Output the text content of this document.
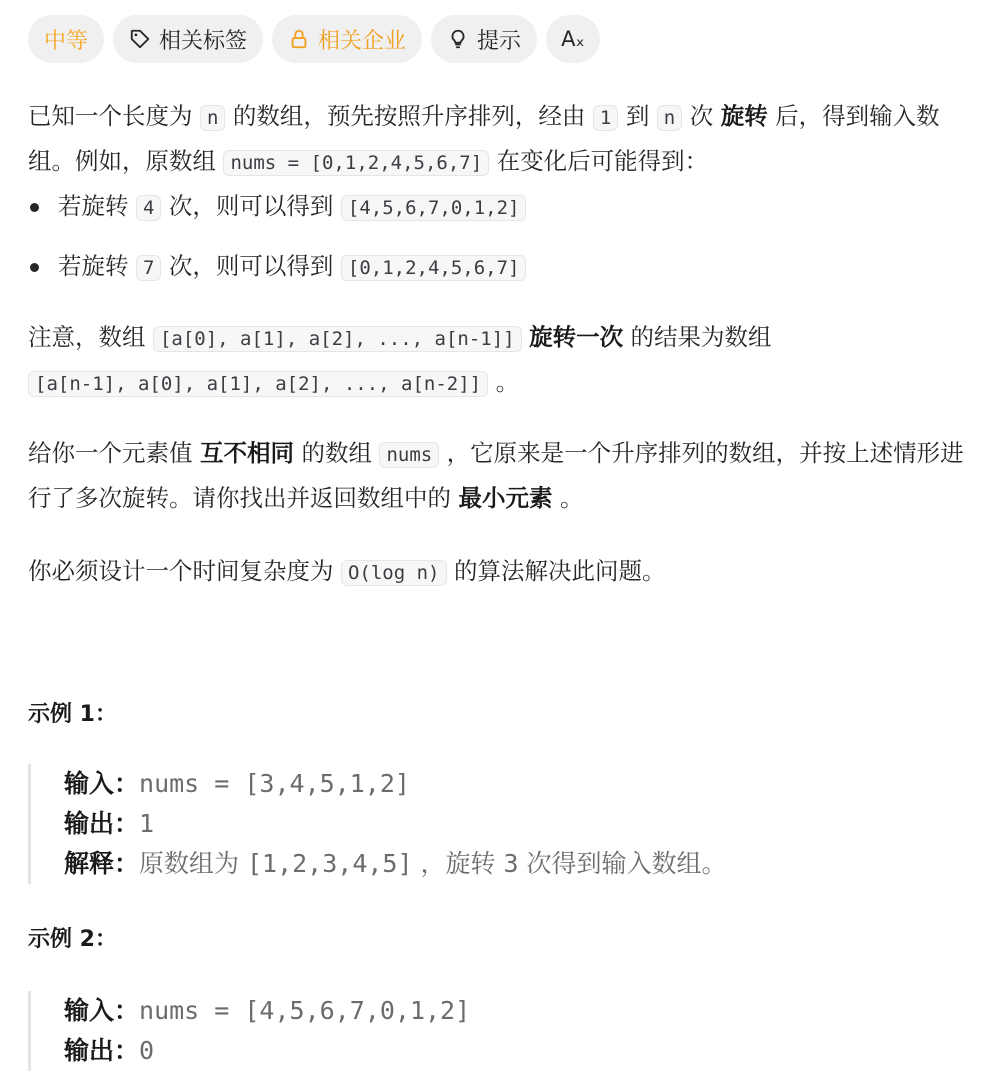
中等	相关标签	相关企业	提示 Aₓ

已知一个长度为 n 的数组，预先按照升序排列，经由 1 到 n 次 旋转 后，得到输入数组。例如，原数组 nums = [0,1,2,4,5,6,7] 在变化后可能得到：

若旋转 4 次，则可以得到 [4,5,6,7,0,1,2]
若旋转 7 次，则可以得到 [0,1,2,4,5,6,7]

注意，数组 [a[0], a[1], a[2], ..., a[n-1]] 旋转一次 的结果为数组
[a[n-1], a[0], a[1], a[2], ..., a[n-2]] 。

给你一个元素值 互不相同 的数组 nums ，它原来是一个升序排列的数组，并按上述情形进行了多次旋转。请你找出并返回数组中的 最小元素 。

你必须设计一个时间复杂度为 O(log n) 的算法解决此问题。

示例 1：

输入：nums = [3,4,5,1,2]
输出：1
解释：原数组为 [1,2,3,4,5] ，旋转 3 次得到输入数组。

示例 2：

输入：nums = [4,5,6,7,0,1,2]
输出：0
